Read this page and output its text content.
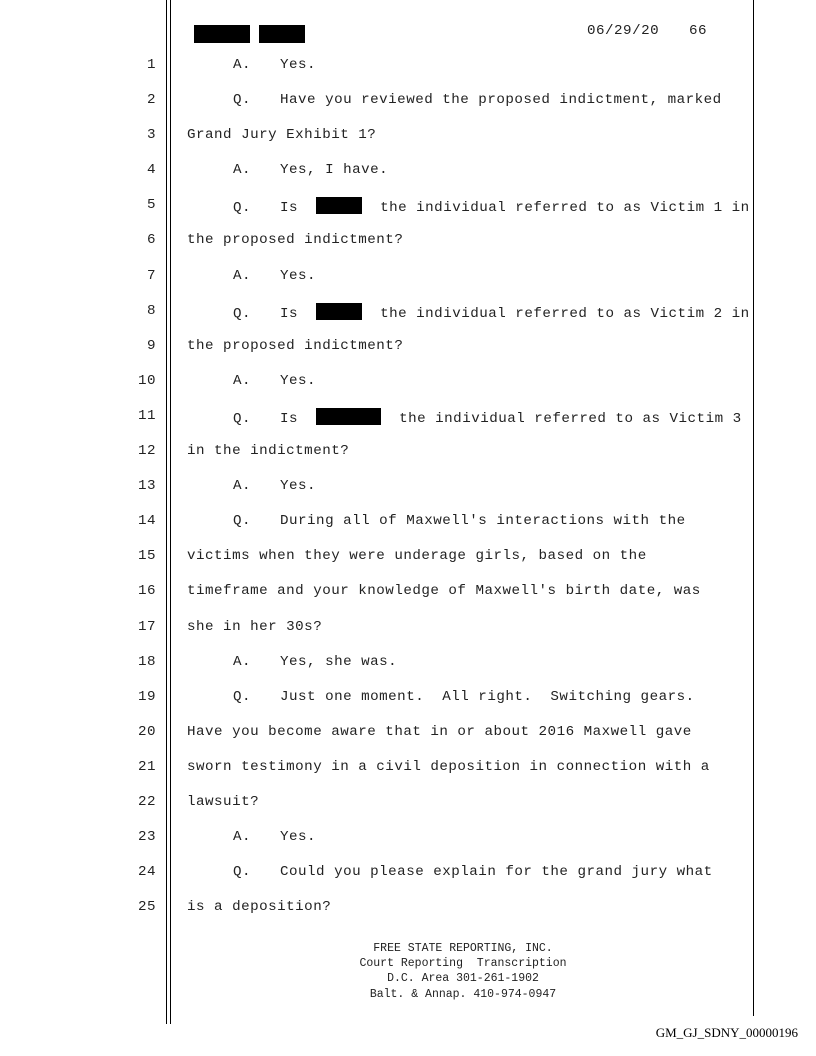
06/29/20 66
1	A. Yes.
2	Q. Have you reviewed the proposed indictment, marked
3 Grand Jury Exhibit 1?
4	A. Yes, I have.
5	Q. Is	the individual referred to as Victim 1 in
6 the proposed indictment?
7	A. Yes.
8	Q. Is	the individual referred to as Victim 2 in
9 the proposed indictment?
10	A. Yes.
11	Q. Is	the individual referred to as Victim 3
12 in the indictment?
13	A. Yes.
14	Q. During all of Maxwell's interactions with the
15 victims when they were underage girls, based on the
16 timeframe and your knowledge of Maxwell's birth date, was
17 she in her 30s?
18	A. Yes, she was.
19	Q. Just one moment.  All right.  Switching gears.
20 Have you become aware that in or about 2016 Maxwell gave
21 sworn testimony in a civil deposition in connection with a
22 lawsuit?
23	A. Yes.
24	Q. Could you please explain for the grand jury what
25 is a deposition?
FREE STATE REPORTING, INC.
Court Reporting  Transcription
D.C. Area 301-261-1902
Balt. & Annap. 410-974-0947
GM_GJ_SDNY_00000196
